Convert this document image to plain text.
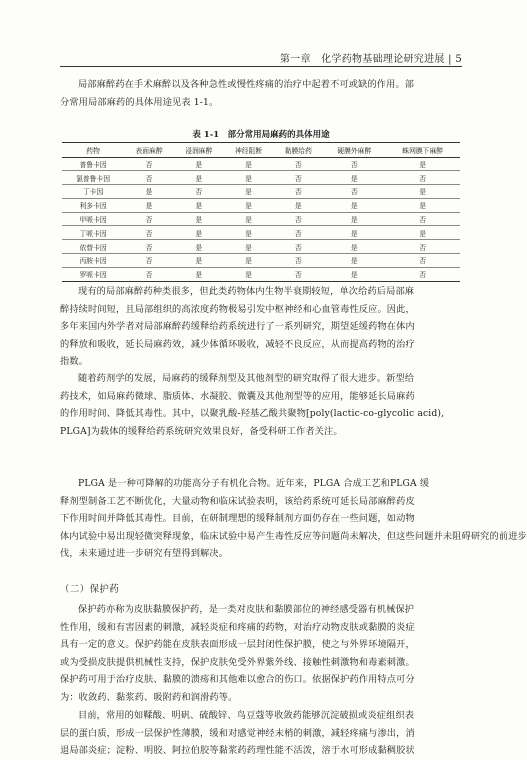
第一章　化学药物基础理论研究进展 | 5
局部麻醉药在手术麻醉以及各种急性或慢性疼痛的治疗中起着不可或缺的作用。部
分常用局部麻药的具体用途见表 1-1。
表 1-1　部分常用局麻药的具体用途
药物	表面麻醉	浸润麻醉	神经阻断	黏膜给药	硬膜外麻醉	蛛网膜下麻醉
普鲁卡因	否	是	是	否	否	是
氯普鲁卡因	否	是	是	否	是	否
丁卡因	是	否	是	否	否	是
利多卡因	是	是	是	是	是	是
甲哌卡因	否	是	是	否	是	否
丁哌卡因	否	是	是	否	是	是
依替卡因	否	是	是	否	是	否
丙胺卡因	否	是	是	否	是	否
罗哌卡因	否	是	是	否	是	否
现有的局部麻醉药种类很多，但此类药物体内生物半衰期较短，单次给药后局部麻
醉持续时间短，且局部组织的高浓度药物极易引发中枢神经和心血管毒性反应。因此，
多年来国内外学者对局部麻醉药缓释给药系统进行了一系列研究，期望延缓药物在体内
的释放和吸收，延长局麻药效，减少体循环吸收，减轻不良反应，从而提高药物的治疗
指数。
随着药剂学的发展，局麻药的缓释剂型及其他剂型的研究取得了很大进步。新型给
药技术，如局麻药微球、脂质体、水凝胶、微囊及其他剂型等的应用，能够延长局麻药
的作用时间、降低其毒性。其中，以聚乳酸-羟基乙酸共聚物[poly(lactic-co-glycolic acid),
PLGA]为载体的缓释给药系统研究效果良好，备受科研工作者关注。
PLGA 是一种可降解的功能高分子有机化合物。近年来，PLGA 合成工艺和PLGA 缓
释剂型制备工艺不断优化，大量动物和临床试验表明，该给药系统可延长局部麻醉药皮
下作用时间并降低其毒性。目前，在研制理想的缓释制剂方面仍存在一些问题，如动物
体内试验中易出现轻微突释现象，临床试验中易产生毒性反应等问题尚未解决，但这些问题并未阻碍研究的前进步
伐，未来通过进一步研究有望得到解决。
（二）保护药
保护药亦称为皮肤黏膜保护药，是一类对皮肤和黏膜部位的神经感受器有机械保护
性作用，缓和有害因素的刺激，减轻炎症和疼痛的药物，对治疗动物皮肤或黏膜的炎症
具有一定的意义。保护药能在皮肤表面形成一层封闭性保护膜，使之与外界环境隔开，
或为受损皮肤提供机械性支持，保护皮肤免受外界紫外线、接触性刺激物和毒素刺激。
保护药可用于治疗皮肤、黏膜的溃疡和其他难以愈合的伤口。依据保护药作用特点可分
为：收敛药、黏浆药、吸附药和润滑药等。
目前，常用的如鞣酸、明矾、硫酸锌、鸟豆蔻等收敛药能够沉淀破损或炎症组织表
层的蛋白质，形成一层保护性薄膜，缓和对感觉神经末梢的刺激，减轻疼痛与渗出，消
退局部炎症；淀粉、明胶、阿拉伯胶等黏浆药药理性能不活泼，溶于水可形成黏稠胶状
